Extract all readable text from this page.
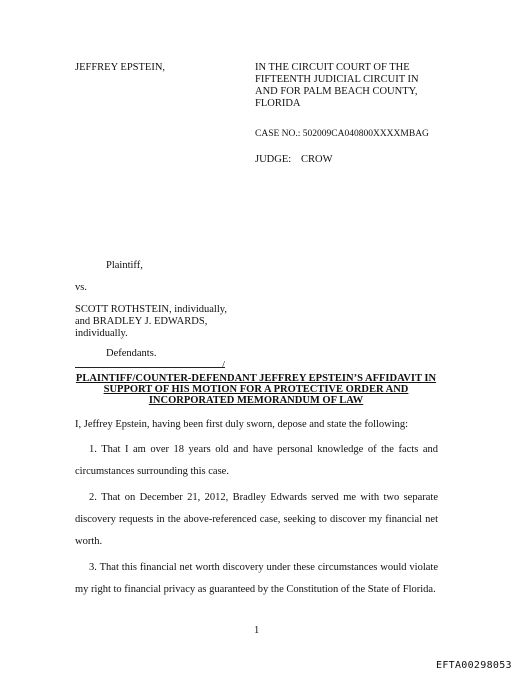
JEFFREY EPSTEIN,	IN THE CIRCUIT COURT OF THE
FIFTEENTH JUDICIAL CIRCUIT IN
AND FOR PALM BEACH COUNTY,
FLORIDA
CASE NO.: 502009CA040800XXXXMBAG
JUDGE: CROW
Plaintiff,
vs.
SCOTT ROTHSTEIN, individually,
and BRADLEY J. EDWARDS,
individually.
Defendants.
/
PLAINTIFF/COUNTER-DEFENDANT JEFFREY EPSTEIN’S AFFIDAVIT IN
SUPPORT OF HIS MOTION FOR A PROTECTIVE ORDER AND
INCORPORATED MEMORANDUM OF LAW
I, Jeffrey Epstein, having been first duly sworn, depose and state the following:
1. That I am over 18 years old and have personal knowledge of the facts and
circumstances surrounding this case.
2. That on December 21, 2012, Bradley Edwards served me with two separate
discovery requests in the above-referenced case, seeking to discover my financial net
worth.
3. That this financial net worth discovery under these circumstances would violate
my right to financial privacy as guaranteed by the Constitution of the State of Florida.
1
EFTA00298053
